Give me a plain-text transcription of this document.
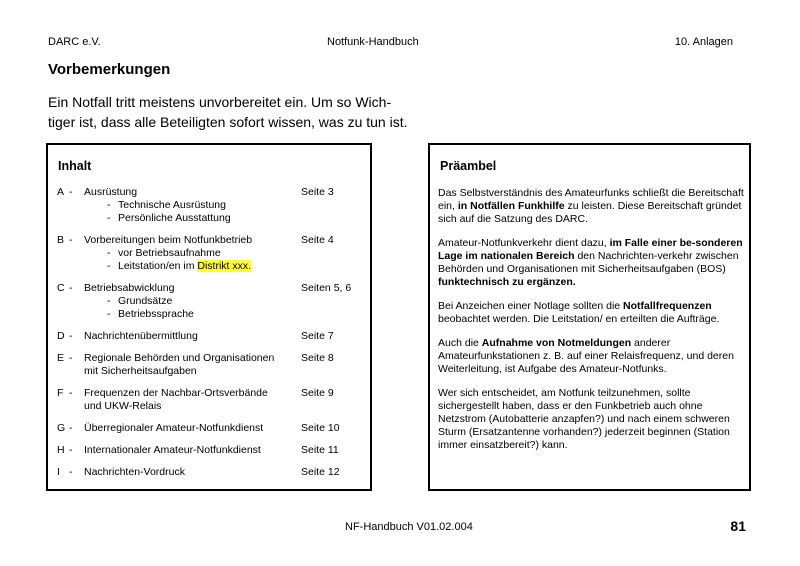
DARC e.V.	Notfunk-Handbuch	10. Anlagen
Vorbemerkungen
Ein Notfall tritt meistens unvorbereitet ein. Um so Wich-
tiger ist, dass alle Beteiligten sofort wissen, was zu tun ist.
Inhalt
A - Ausrüstung	Seite 3
- Technische Ausrüstung
- Persönliche Ausstattung
B - Vorbereitungen beim Notfunkbetrieb	Seite 4
- vor Betriebsaufnahme
- Leitstation/en im Distrikt xxx.
C - Betriebsabwicklung	Seiten 5, 6
- Grundsätze
- Betriebssprache
D - Nachrichtenübermittlung	Seite 7
E - Regionale Behörden und Organisationen	Seite 8
mit Sicherheitsaufgaben
F - Frequenzen der Nachbar-Ortsverbände	Seite 9
und UKW-Relais
G - Überregionaler Amateur-Notfunkdienst	Seite 10
H - Internationaler Amateur-Notfunkdienst	Seite 11
I - Nachrichten-Vordruck	Seite 12
Präambel

Das Selbstverständnis des Amateurfunks schließt die Bereitschaft ein, in Notfällen Funkhilfe zu leisten. Diese Bereitschaft gründet sich auf die Satzung des DARC.

Amateur-Notfunkverkehr dient dazu, im Falle einer be-sonderen Lage im nationalen Bereich den Nachrichten-verkehr zwischen Behörden und Organisationen mit Sicherheitsaufgaben (BOS) funktechnisch zu ergänzen.

Bei Anzeichen einer Notlage sollten die Notfallfrequenzen beobachtet werden. Die Leitstation/ en erteilten die Aufträge.

Auch die Aufnahme von Notmeldungen anderer Amateurfunkstationen z. B. auf einer Relaisfrequenz, und deren Weiterleitung, ist Aufgabe des Amateur-Notfunks.

Wer sich entscheidet, am Notfunk teilzunehmen, sollte sichergestellt haben, dass er den Funkbetrieb auch ohne Netzstrom (Autobatterie anzapfen?) und nach einem schweren Sturm (Ersatzantenne vorhanden?) jederzeit beginnen (Station immer einsatzbereit?) kann.

NF-Handbuch V01.02.004	81
